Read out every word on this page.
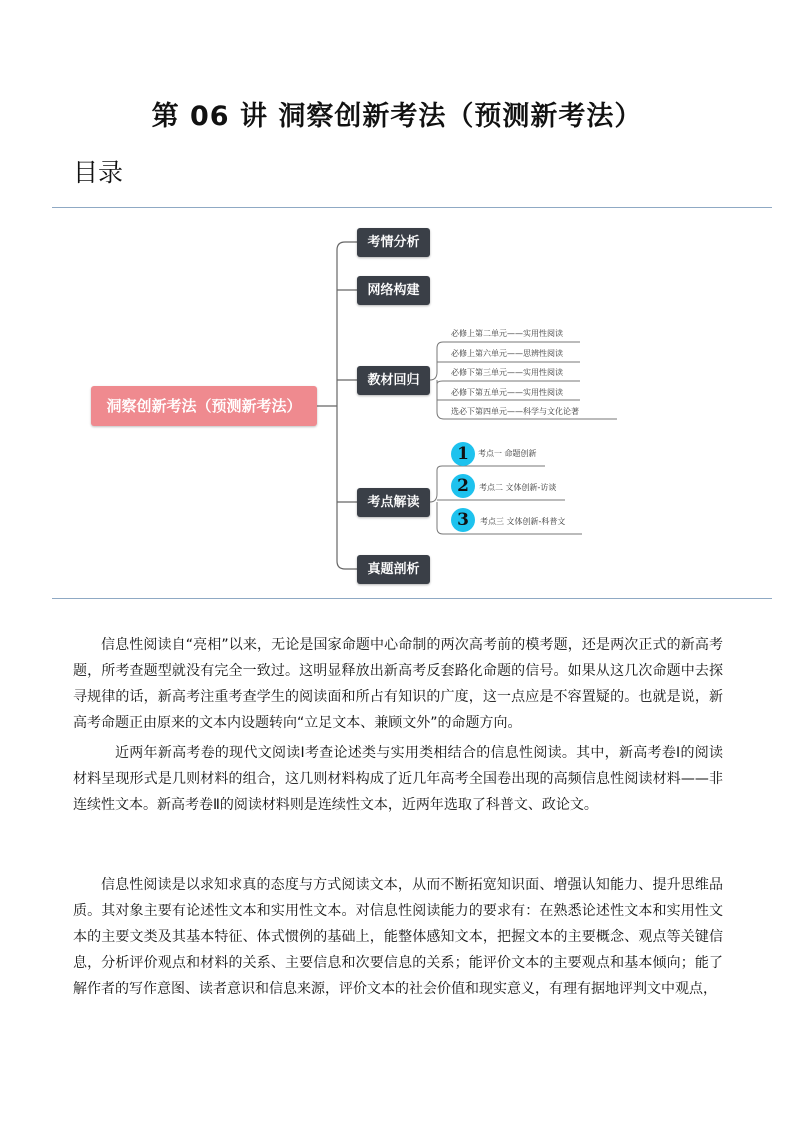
第 06 讲 洞察创新考法（预测新考法）
目录
洞察创新考法（预测新考法）
考情分析
网络构建
教材回归
考点解读
真题剖析
必修上第二单元——实用性阅读
必修上第六单元——思辨性阅读
必修下第三单元——实用性阅读
必修下第五单元——实用性阅读
选必下第四单元——科学与文化论著
1	考点一 命题创新
2	考点二 文体创新-访谈
3	考点三 文体创新-科普文
信息性阅读自“亮相”以来，无论是国家命题中心命制的两次高考前的模考题，还是两次正式的新高考题，所考查题型就没有完全一致过。这明显释放出新高考反套路化命题的信号。如果从这几次命题中去探寻规律的话，新高考注重考查学生的阅读面和所占有知识的广度，这一点应是不容置疑的。也就是说，新高考命题正由原来的文本内设题转向“立足文本、兼顾文外”的命题方向。
近两年新高考卷的现代文阅读Ⅰ考查论述类与实用类相结合的信息性阅读。其中，新高考卷Ⅰ的阅读材料呈现形式是几则材料的组合，这几则材料构成了近几年高考全国卷出现的高频信息性阅读材料——非连续性文本。新高考卷Ⅱ的阅读材料则是连续性文本，近两年选取了科普文、政论文。
信息性阅读是以求知求真的态度与方式阅读文本，从而不断拓宽知识面、增强认知能力、提升思维品质。其对象主要有论述性文本和实用性文本。对信息性阅读能力的要求有：在熟悉论述性文本和实用性文本的主要文类及其基本特征、体式惯例的基础上，能整体感知文本，把握文本的主要概念、观点等关键信息，分析评价观点和材料的关系、主要信息和次要信息的关系；能评价文本的主要观点和基本倾向；能了解作者的写作意图、读者意识和信息来源，评价文本的社会价值和现实意义，有理有据地评判文中观点，
